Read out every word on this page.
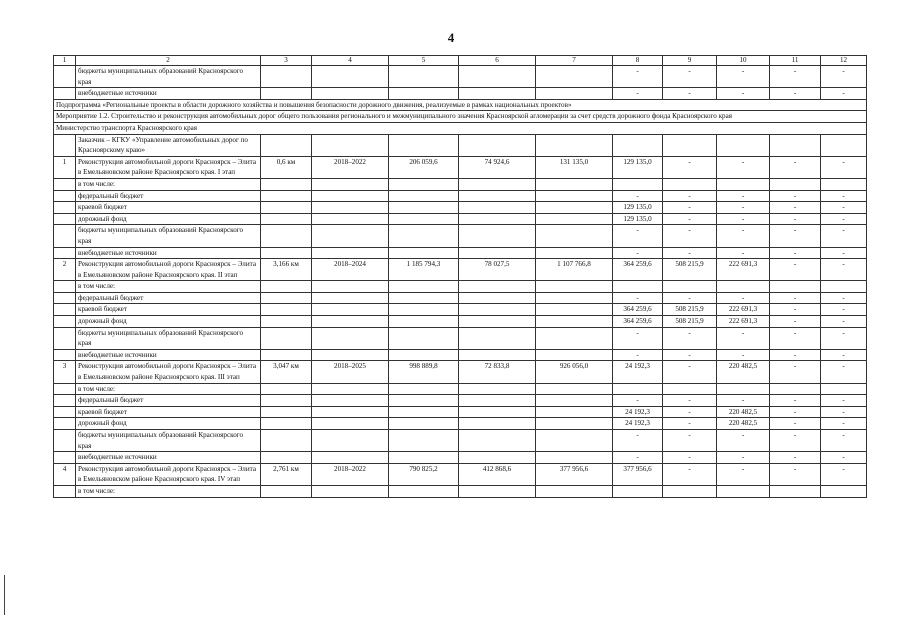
4
1	2	3	4	5	6	7	8	9	10	11	12
	бюджеты муниципальных образований Красноярского края						-	-	-	-	-
	внебюджетные источники						-	-	-	-	-
Подпрограмма «Региональные проекты в области дорожного хозяйства и повышения безопасности дорожного движения, реализуемые в рамках национальных проектов»											
Мероприятие 1.2. Строительство и реконструкция автомобильных дорог общего пользования регионального и межмуниципального значения Красноярской агломерации за счет средств дорожного фонда Красноярского края											
Министерство транспорта Красноярского края											
	Заказчик – КГКУ «Управление автомобильных дорог по Красноярскому краю»										
1	Реконструкция автомобильной дороги Красноярск – Элита в Емельяновском районе Красноярского края. I этап	0,6 км	2018–2022	206 059,6	74 924,6	131 135,0	129 135,0	-	-	-	-
	в том числе:										
	федеральный бюджет						-	-	-	-	-
	краевой бюджет						129 135,0	-	-	-	-
	дорожный фонд						129 135,0	-	-	-	-
	бюджеты муниципальных образований Красноярского края						-	-	-	-	-
	внебюджетные источники						-	-	-	-	-
2	Реконструкция автомобильной дороги Красноярск – Элита в Емельяновском районе Красноярского края. II этап	3,166 км	2018–2024	1 185 794,3	78 027,5	1 107 766,8	364 259,6	508 215,9	222 691,3	-	-
	в том числе:										
	федеральный бюджет						-	-	-	-	-
	краевой бюджет						364 259,6	508 215,9	222 691,3	-	-
	дорожный фонд						364 259,6	508 215,9	222 691,3	-	-
	бюджеты муниципальных образований Красноярского края						-	-	-	-	-
	внебюджетные источники						-	-	-	-	-
3	Реконструкция автомобильной дороги Красноярск – Элита в Емельяновском районе Красноярского края. III этап	3,047 км	2018–2025	998 889,8	72 833,8	926 056,0	24 192,3	-	220 482,5	-	-
	в том числе:										
	федеральный бюджет						-	-	-	-	-
	краевой бюджет						24 192,3	-	220 482,5	-	-
	дорожный фонд						24 192,3	-	220 482,5	-	-
	бюджеты муниципальных образований Красноярского края						-	-	-	-	-
	внебюджетные источники						-	-	-	-	-
4	Реконструкция автомобильной дороги Красноярск – Элита в Емельяновском районе Красноярского края. IV этап	2,761 км	2018–2022	790 825,2	412 868,6	377 956,6	377 956,6	-	-	-	-
	в том числе:										
